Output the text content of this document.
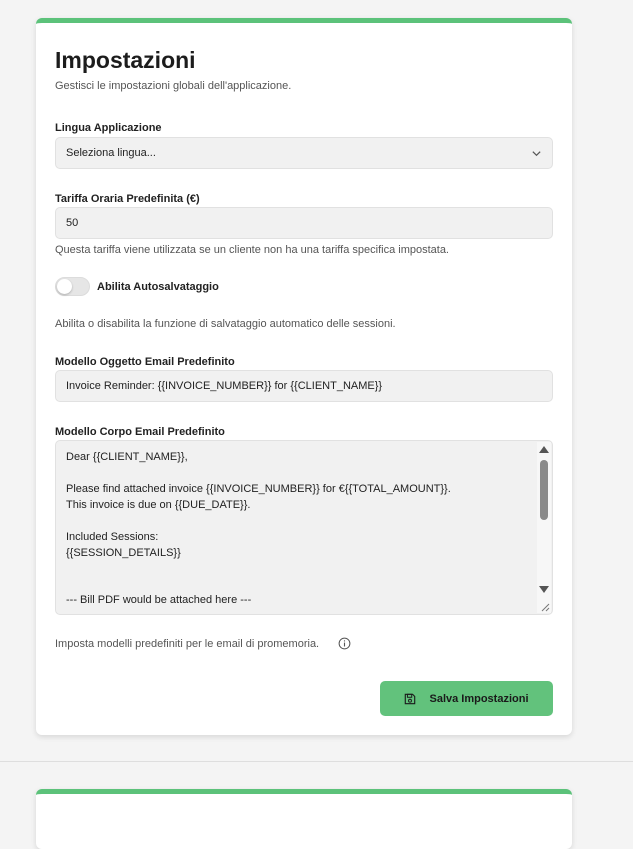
Impostazioni
Gestisci le impostazioni globali dell'applicazione.
Lingua Applicazione
Seleziona lingua...
Tariffa Oraria Predefinita (€)
50
Questa tariffa viene utilizzata se un cliente non ha una tariffa specifica impostata.
Abilita Autosalvataggio
Abilita o disabilita la funzione di salvataggio automatico delle sessioni.
Modello Oggetto Email Predefinito
Invoice Reminder: {{INVOICE_NUMBER}} for {{CLIENT_NAME}}
Modello Corpo Email Predefinito
Dear {{CLIENT_NAME}},
Please find attached invoice {{INVOICE_NUMBER}} for €{{TOTAL_AMOUNT}}.
This invoice is due on {{DUE_DATE}}.
Included Sessions:
{{SESSION_DETAILS}}
--- Bill PDF would be attached here ---
Imposta modelli predefiniti per le email di promemoria.
Salva Impostazioni
